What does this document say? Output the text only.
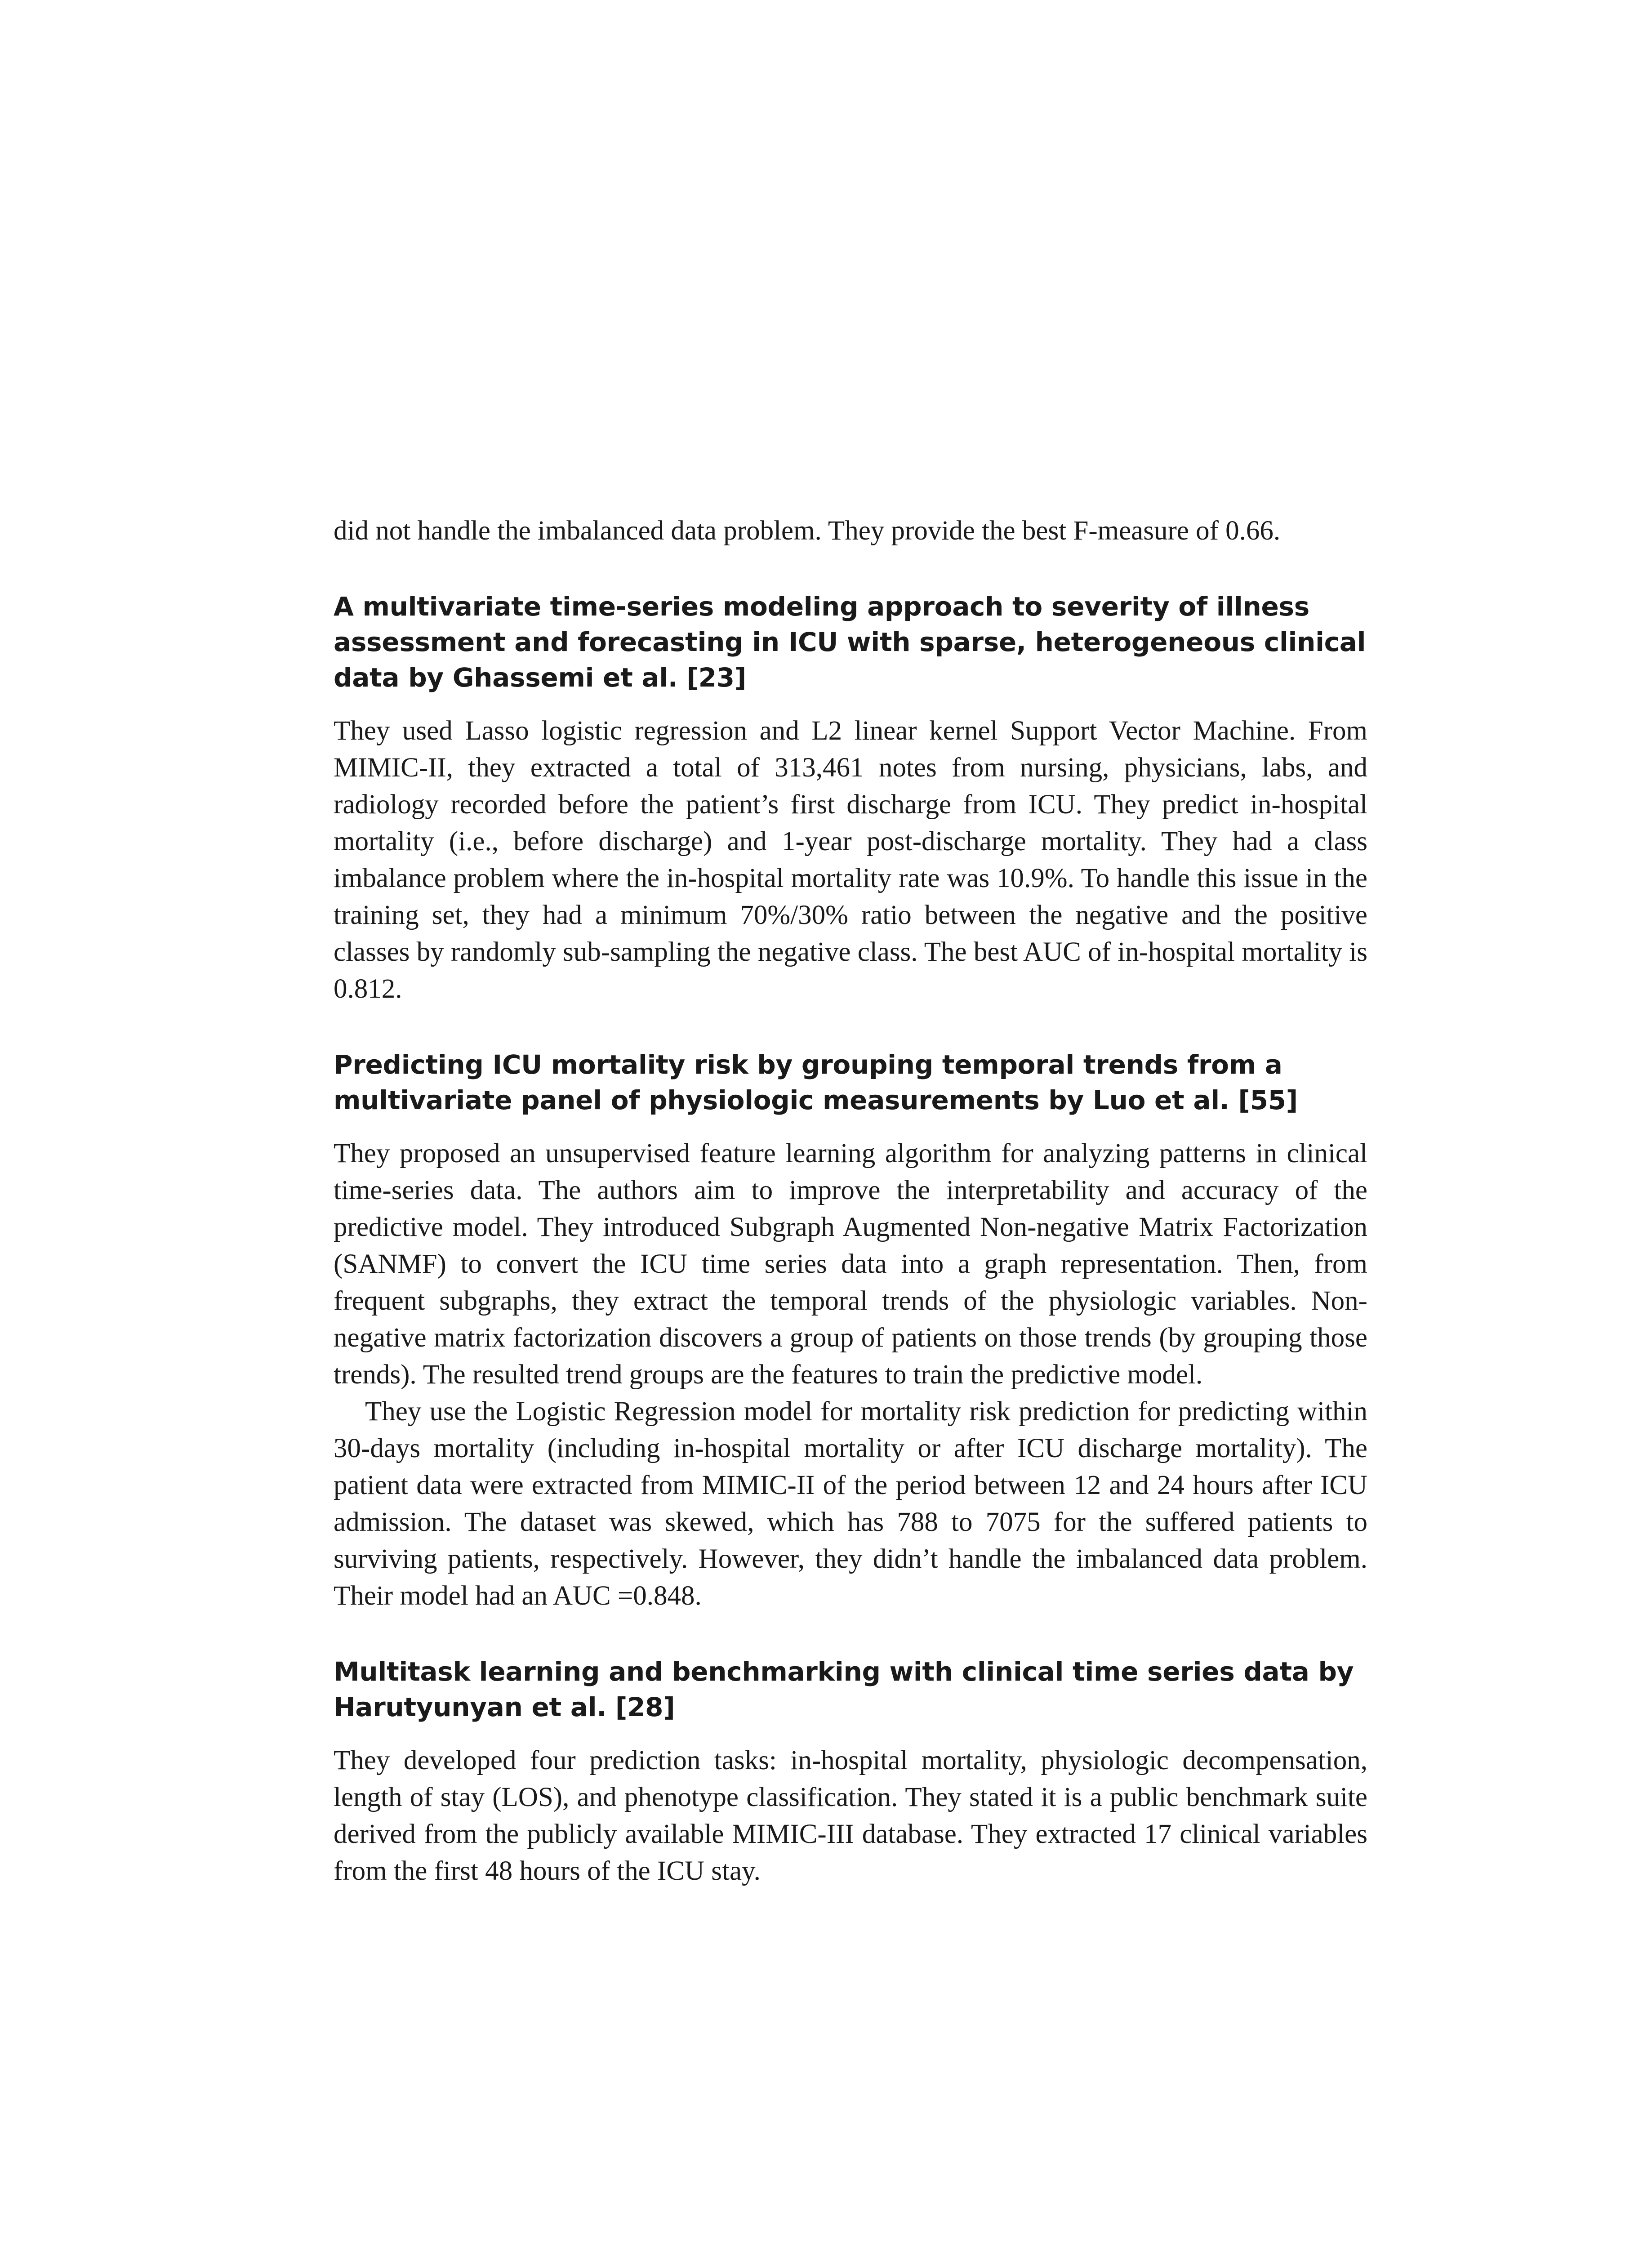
did not handle the imbalanced data problem. They provide the best F-measure of 0.66.

A multivariate time-series modeling approach to severity of illness assessment and forecasting in ICU with sparse, heterogeneous clinical data by Ghassemi et al. [23]

They used Lasso logistic regression and L2 linear kernel Support Vector Machine. From MIMIC-II, they extracted a total of 313,461 notes from nursing, physicians, labs, and radiology recorded before the patient’s first discharge from ICU. They predict in-hospital mortality (i.e., before discharge) and 1-year post-discharge mortality. They had a class imbalance problem where the in-hospital mortality rate was 10.9%. To handle this issue in the training set, they had a minimum 70%/30% ratio between the negative and the positive classes by randomly sub-sampling the negative class. The best AUC of in-hospital mortality is 0.812.

Predicting ICU mortality risk by grouping temporal trends from a multivariate panel of physiologic measurements by Luo et al. [55]

They proposed an unsupervised feature learning algorithm for analyzing patterns in clinical time-series data. The authors aim to improve the interpretability and accuracy of the predictive model. They introduced Subgraph Augmented Non-negative Matrix Factorization (SANMF) to convert the ICU time series data into a graph representation. Then, from frequent subgraphs, they extract the temporal trends of the physiologic variables. Non-negative matrix factorization discovers a group of patients on those trends (by grouping those trends). The resulted trend groups are the features to train the predictive model.

They use the Logistic Regression model for mortality risk prediction for predicting within 30-days mortality (including in-hospital mortality or after ICU discharge mortality). The patient data were extracted from MIMIC-II of the period between 12 and 24 hours after ICU admission. The dataset was skewed, which has 788 to 7075 for the suffered patients to surviving patients, respectively. However, they didn’t handle the imbalanced data problem. Their model had an AUC =0.848.

Multitask learning and benchmarking with clinical time series data by Harutyunyan et al. [28]

They developed four prediction tasks: in-hospital mortality, physiologic decompensation, length of stay (LOS), and phenotype classification. They stated it is a public benchmark suite derived from the publicly available MIMIC-III database. They extracted 17 clinical variables from the first 48 hours of the ICU stay.
